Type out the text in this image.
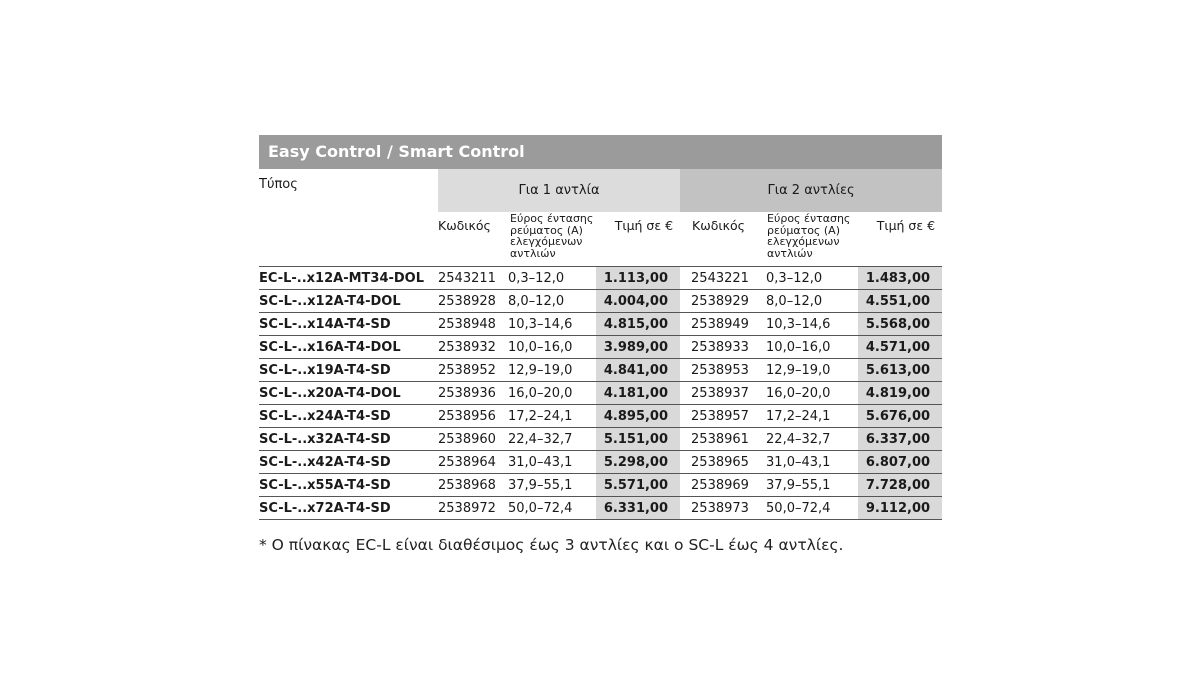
Easy Control / Smart Control
Τύπος	Για 1 αντλία			Για 2 αντλίες		
	Κωδικός	Εύρος έντασης ρεύματος (A) ελεγχόμενων αντλιών	Τιμή σε €	Κωδικός	Εύρος έντασης ρεύματος (A) ελεγχόμενων αντλιών	Τιμή σε €
EC-L-..x12A-MT34-DOL	2543211	0,3–12,0	1.113,00	2543221	0,3–12,0	1.483,00
SC-L-..x12A-T4-DOL	2538928	8,0–12,0	4.004,00	2538929	8,0–12,0	4.551,00
SC-L-..x14A-T4-SD	2538948	10,3–14,6	4.815,00	2538949	10,3–14,6	5.568,00
SC-L-..x16A-T4-DOL	2538932	10,0–16,0	3.989,00	2538933	10,0–16,0	4.571,00
SC-L-..x19A-T4-SD	2538952	12,9–19,0	4.841,00	2538953	12,9–19,0	5.613,00
SC-L-..x20A-T4-DOL	2538936	16,0–20,0	4.181,00	2538937	16,0–20,0	4.819,00
SC-L-..x24A-T4-SD	2538956	17,2–24,1	4.895,00	2538957	17,2–24,1	5.676,00
SC-L-..x32A-T4-SD	2538960	22,4–32,7	5.151,00	2538961	22,4–32,7	6.337,00
SC-L-..x42A-T4-SD	2538964	31,0–43,1	5.298,00	2538965	31,0–43,1	6.807,00
SC-L-..x55A-T4-SD	2538968	37,9–55,1	5.571,00	2538969	37,9–55,1	7.728,00
SC-L-..x72A-T4-SD	2538972	50,0–72,4	6.331,00	2538973	50,0–72,4	9.112,00
* Ο πίνακας EC-L είναι διαθέσιμος έως 3 αντλίες και ο SC-L έως 4 αντλίες.
